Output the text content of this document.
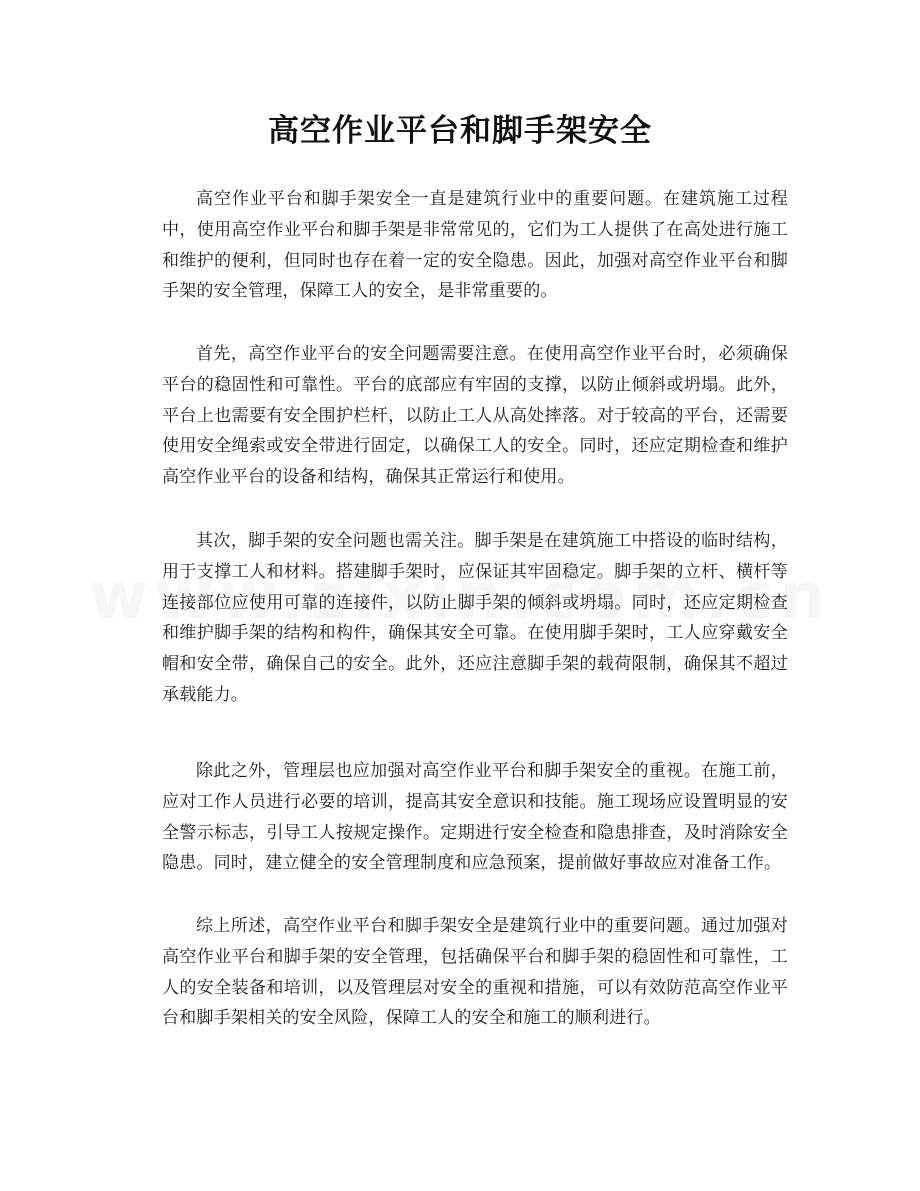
高空作业平台和脚手架安全

高空作业平台和脚手架安全一直是建筑行业中的重要问题。在建筑施工过程中，使用高空作业平台和脚手架是非常常见的，它们为工人提供了在高处进行施工和维护的便利，但同时也存在着一定的安全隐患。因此，加强对高空作业平台和脚手架的安全管理，保障工人的安全，是非常重要的。

首先，高空作业平台的安全问题需要注意。在使用高空作业平台时，必须确保平台的稳固性和可靠性。平台的底部应有牢固的支撑，以防止倾斜或坍塌。此外，平台上也需要有安全围护栏杆，以防止工人从高处摔落。对于较高的平台，还需要使用安全绳索或安全带进行固定，以确保工人的安全。同时，还应定期检查和维护高空作业平台的设备和结构，确保其正常运行和使用。

其次，脚手架的安全问题也需关注。脚手架是在建筑施工中搭设的临时结构，用于支撑工人和材料。搭建脚手架时，应保证其牢固稳定。脚手架的立杆、横杆等连接部位应使用可靠的连接件，以防止脚手架的倾斜或坍塌。同时，还应定期检查和维护脚手架的结构和构件，确保其安全可靠。在使用脚手架时，工人应穿戴安全帽和安全带，确保自己的安全。此外，还应注意脚手架的载荷限制，确保其不超过承载能力。

除此之外，管理层也应加强对高空作业平台和脚手架安全的重视。在施工前，应对工作人员进行必要的培训，提高其安全意识和技能。施工现场应设置明显的安全警示标志，引导工人按规定操作。定期进行安全检查和隐患排查，及时消除安全隐患。同时，建立健全的安全管理制度和应急预案，提前做好事故应对准备工作。

综上所述，高空作业平台和脚手架安全是建筑行业中的重要问题。通过加强对高空作业平台和脚手架的安全管理，包括确保平台和脚手架的稳固性和可靠性，工人的安全装备和培训，以及管理层对安全的重视和措施，可以有效防范高空作业平台和脚手架相关的安全风险，保障工人的安全和施工的顺利进行。
